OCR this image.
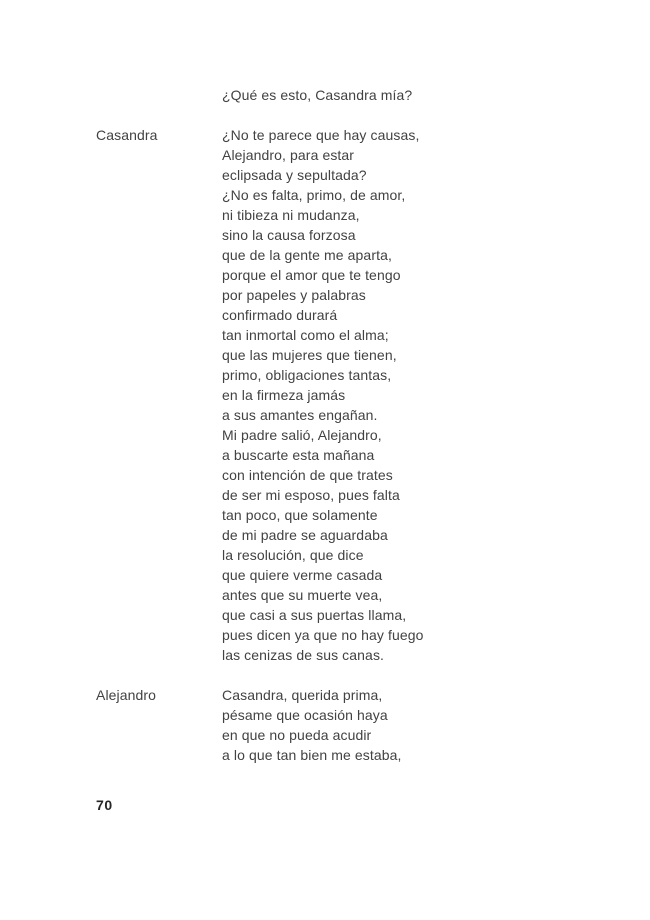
¿Qué es esto, Casandra mía?
Casandra	¿No te parece que hay causas,
Alejandro, para estar
eclipsada y sepultada?
¿No es falta, primo, de amor,
ni tibieza ni mudanza,
sino la causa forzosa
que de la gente me aparta,
porque el amor que te tengo
por papeles y palabras
confirmado durará
tan inmortal como el alma;
que las mujeres que tienen,
primo, obligaciones tantas,
en la firmeza jamás
a sus amantes engañan.
Mi padre salió, Alejandro,
a buscarte esta mañana
con intención de que trates
de ser mi esposo, pues falta
tan poco, que solamente
de mi padre se aguardaba
la resolución, que dice
que quiere verme casada
antes que su muerte vea,
que casi a sus puertas llama,
pues dicen ya que no hay fuego
las cenizas de sus canas.
Alejandro	Casandra, querida prima,
pésame que ocasión haya
en que no pueda acudir
a lo que tan bien me estaba,
70
